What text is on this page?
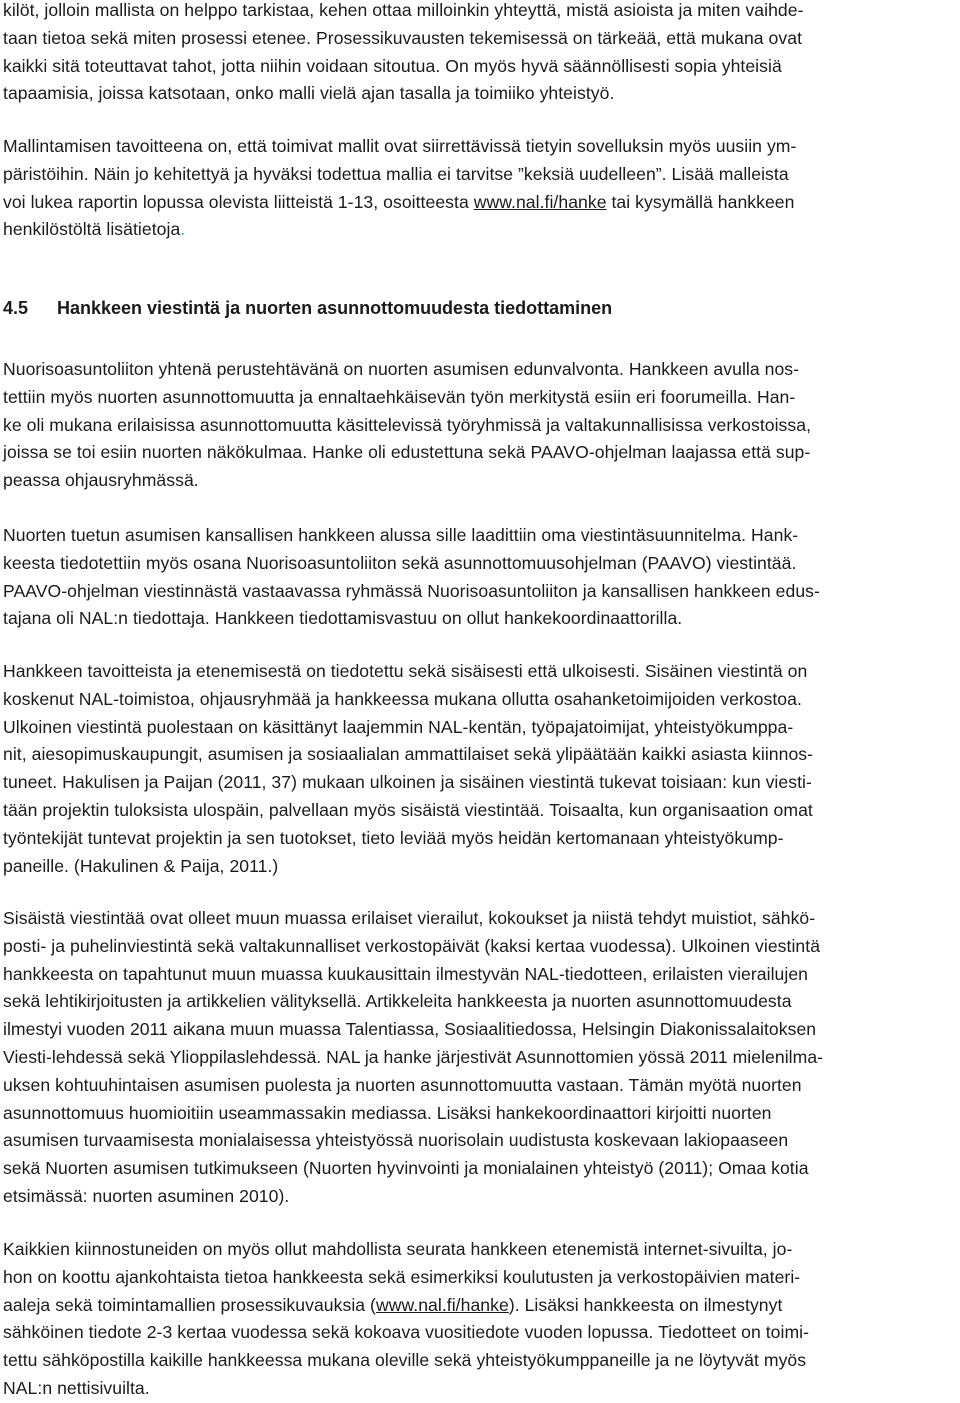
kilöt, jolloin mallista on helppo tarkistaa, kehen ottaa milloinkin yhteyttä, mistä asioista ja miten vaihde-
taan tietoa sekä miten prosessi etenee. Prosessikuvausten tekemisessä on tärkeää, että mukana ovat
kaikki sitä toteuttavat tahot, jotta niihin voidaan sitoutua. On myös hyvä säännöllisesti sopia yhteisiä
tapaamisia, joissa katsotaan, onko malli vielä ajan tasalla ja toimiiko yhteistyö.

Mallintamisen tavoitteena on, että toimivat mallit ovat siirrettävissä tietyin sovelluksin myös uusiin ym-
päristöihin. Näin jo kehitettyä ja hyväksi todettua mallia ei tarvitse ”keksiä uudelleen”. Lisää malleista
voi lukea raportin lopussa olevista liitteistä 1-13, osoitteesta www.nal.fi/hanke tai kysymällä hankkeen
henkilöstöltä lisätietoja.

4.5 Hankkeen viestintä ja nuorten asunnottomuudesta tiedottaminen

Nuorisoasuntoliiton yhtenä perustehtävänä on nuorten asumisen edunvalvonta. Hankkeen avulla nos-
tettiin myös nuorten asunnottomuutta ja ennaltaehkäisevän työn merkitystä esiin eri foorumeilla. Han-
ke oli mukana erilaisissa asunnottomuutta käsittelevissä työryhmissä ja valtakunnallisissa verkostoissa,
joissa se toi esiin nuorten näkökulmaa. Hanke oli edustettuna sekä PAAVO-ohjelman laajassa että sup-
peassa ohjausryhmässä.

Nuorten tuetun asumisen kansallisen hankkeen alussa sille laadittiin oma viestintäsuunnitelma. Hank-
keesta tiedotettiin myös osana Nuorisoasuntoliiton sekä asunnottomuusohjelman (PAAVO) viestintää.
PAAVO-ohjelman viestinnästä vastaavassa ryhmässä Nuorisoasuntoliiton ja kansallisen hankkeen edus-
tajana oli NAL:n tiedottaja. Hankkeen tiedottamisvastuu on ollut hankekoordinaattorilla.

Hankkeen tavoitteista ja etenemisestä on tiedotettu sekä sisäisesti että ulkoisesti. Sisäinen viestintä on
koskenut NAL-toimistoa, ohjausryhmää ja hankkeessa mukana ollutta osahanketoimijoiden verkostoa.
Ulkoinen viestintä puolestaan on käsittänyt laajemmin NAL-kentän, työpajatoimijat, yhteistyökumppa-
nit, aiesopimuskaupungit, asumisen ja sosiaalialan ammattilaiset sekä ylipäätään kaikki asiasta kiinnos-
tuneet. Hakulisen ja Paijan (2011, 37) mukaan ulkoinen ja sisäinen viestintä tukevat toisiaan: kun viesti-
tään projektin tuloksista ulospäin, palvellaan myös sisäistä viestintää. Toisaalta, kun organisaation omat
työntekijät tuntevat projektin ja sen tuotokset, tieto leviää myös heidän kertomanaan yhteistyökump-
paneille. (Hakulinen & Paija, 2011.)

Sisäistä viestintää ovat olleet muun muassa erilaiset vierailut, kokoukset ja niistä tehdyt muistiot, sähkö-
posti- ja puhelinviestintä sekä valtakunnalliset verkostopäivät (kaksi kertaa vuodessa). Ulkoinen viestintä
hankkeesta on tapahtunut muun muassa kuukausittain ilmestyvän NAL-tiedotteen, erilaisten vierailujen
sekä lehtikirjoitusten ja artikkelien välityksellä. Artikkeleita hankkeesta ja nuorten asunnottomuudesta
ilmestyi vuoden 2011 aikana muun muassa Talentiassa, Sosiaalitiedossa, Helsingin Diakonissalaitoksen
Viesti-lehdessä sekä Ylioppilaslehdessä. NAL ja hanke järjestivät Asunnottomien yössä 2011 mielenilma-
uksen kohtuuhintaisen asumisen puolesta ja nuorten asunnottomuutta vastaan. Tämän myötä nuorten
asunnottomuus huomioitiin useammassakin mediassa. Lisäksi hankekoordinaattori kirjoitti nuorten
asumisen turvaamisesta monialaisessa yhteistyössä nuorisolain uudistusta koskevaan lakiopaaseen
sekä Nuorten asumisen tutkimukseen (Nuorten hyvinvointi ja monialainen yhteistyö (2011); Omaa kotia
etsimässä: nuorten asuminen 2010).

Kaikkien kiinnostuneiden on myös ollut mahdollista seurata hankkeen etenemistä internet-sivuilta, jo-
hon on koottu ajankohtaista tietoa hankkeesta sekä esimerkiksi koulutusten ja verkostopäivien materi-
aaleja sekä toimintamallien prosessikuvauksia (www.nal.fi/hanke). Lisäksi hankkeesta on ilmestynyt
sähköinen tiedote 2-3 kertaa vuodessa sekä kokoava vuositiedote vuoden lopussa. Tiedotteet on toimi-
tettu sähköpostilla kaikille hankkeessa mukana oleville sekä yhteistyökumppaneille ja ne löytyvät myös
NAL:n nettisivuilta.
